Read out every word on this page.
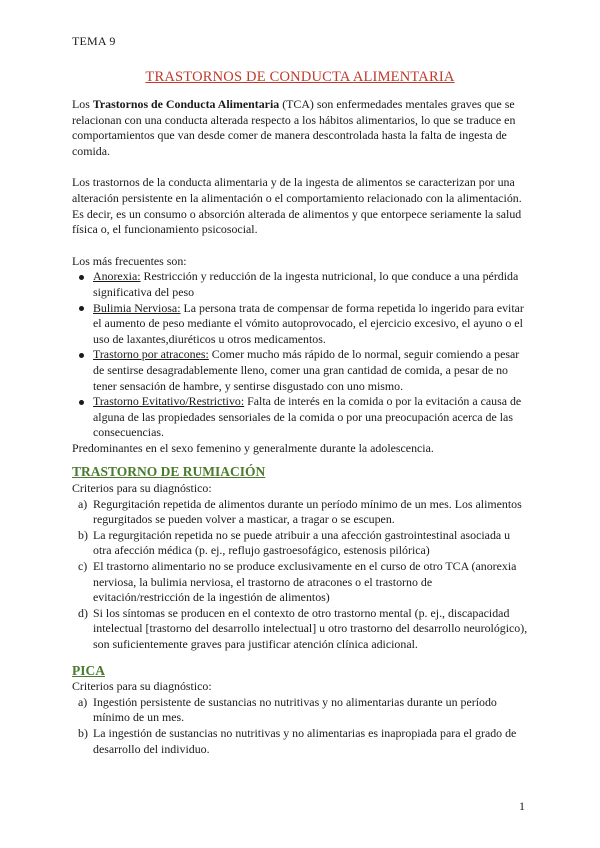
TEMA 9
TRASTORNOS DE CONDUCTA ALIMENTARIA

Los Trastornos de Conducta Alimentaria (TCA) son enfermedades mentales graves que se relacionan con una conducta alterada respecto a los hábitos alimentarios, lo que se traduce en comportamientos que van desde comer de manera descontrolada hasta la falta de ingesta de comida.

Los trastornos de la conducta alimentaria y de la ingesta de alimentos se caracterizan por una alteración persistente en la alimentación o el comportamiento relacionado con la alimentación. Es decir, es un consumo o absorción alterada de alimentos y que entorpece seriamente la salud física o, el funcionamiento psicosocial.

Los más frecuentes son:

Anorexia: Restricción y reducción de la ingesta nutricional, lo que conduce a una pérdida significativa del peso
Bulimia Nerviosa: La persona trata de compensar de forma repetida lo ingerido para evitar el aumento de peso mediante el vómito autoprovocado, el ejercicio excesivo, el ayuno o el uso de laxantes,diuréticos u otros medicamentos.
Trastorno por atracones: Comer mucho más rápido de lo normal, seguir comiendo a pesar de sentirse desagradablemente lleno, comer una gran cantidad de comida, a pesar de no tener sensación de hambre, y sentirse disgustado con uno mismo.
Trastorno Evitativo/Restrictivo: Falta de interés en la comida o por la evitación a causa de alguna de las propiedades sensoriales de la comida o por una preocupación acerca de las consecuencias.

Predominantes en el sexo femenino y generalmente durante la adolescencia.

TRASTORNO DE RUMIACIÓN

Criterios para su diagnóstico:

a) Regurgitación repetida de alimentos durante un período mínimo de un mes. Los alimentos regurgitados se pueden volver a masticar, a tragar o se escupen.
b) La regurgitación repetida no se puede atribuir a una afección gastrointestinal asociada u otra afección médica (p. ej., reflujo gastroesofágico, estenosis pilórica)
c) El trastorno alimentario no se produce exclusivamente en el curso de otro TCA (anorexia nerviosa, la bulimia nerviosa, el trastorno de atracones o el trastorno de evitación/restricción de la ingestión de alimentos)
d) Si los síntomas se producen en el contexto de otro trastorno mental (p. ej., discapacidad intelectual [trastorno del desarrollo intelectual] u otro trastorno del desarrollo neurológico), son suficientemente graves para justificar atención clínica adicional.
PICA

Criterios para su diagnóstico:

a) Ingestión persistente de sustancias no nutritivas y no alimentarias durante un período mínimo de un mes.
b) La ingestión de sustancias no nutritivas y no alimentarias es inapropiada para el grado de desarrollo del individuo.
1
